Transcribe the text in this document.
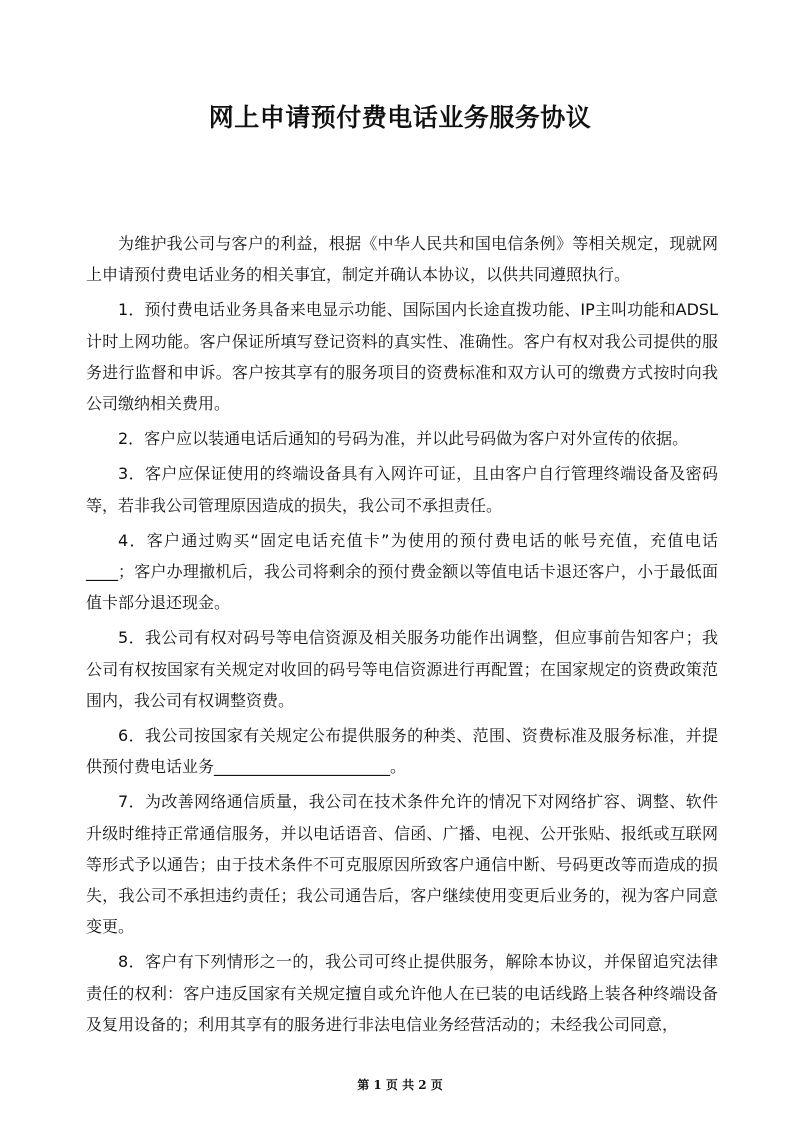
网上申请预付费电话业务服务协议

为维护我公司与客户的利益，根据《中华人民共和国电信条例》等相关规定，现就网上申请预付费电话业务的相关事宜，制定并确认本协议，以供共同遵照执行。

1．预付费电话业务具备来电显示功能、国际国内长途直拨功能、IP主叫功能和ADSL计时上网功能。客户保证所填写登记资料的真实性、准确性。客户有权对我公司提供的服务进行监督和申诉。客户按其享有的服务项目的资费标准和双方认可的缴费方式按时向我公司缴纳相关费用。

2．客户应以装通电话后通知的号码为准，并以此号码做为客户对外宣传的依据。

3．客户应保证使用的终端设备具有入网许可证，且由客户自行管理终端设备及密码等，若非我公司管理原因造成的损失，我公司不承担责任。

4．客户通过购买“固定电话充值卡”为使用的预付费电话的帐号充值，充值电话____；客户办理撤机后，我公司将剩余的预付费金额以等值电话卡退还客户，小于最低面值卡部分退还现金。

5．我公司有权对码号等电信资源及相关服务功能作出调整，但应事前告知客户；我公司有权按国家有关规定对收回的码号等电信资源进行再配置；在国家规定的资费政策范围内，我公司有权调整资费。

6．我公司按国家有关规定公布提供服务的种类、范围、资费标准及服务标准，并提供预付费电话业务______________________。

7．为改善网络通信质量，我公司在技术条件允许的情况下对网络扩容、调整、软件升级时维持正常通信服务，并以电话语音、信函、广播、电视、公开张贴、报纸或互联网等形式予以通告；由于技术条件不可克服原因所致客户通信中断、号码更改等而造成的损失，我公司不承担违约责任；我公司通告后，客户继续使用变更后业务的，视为客户同意变更。

8．客户有下列情形之一的，我公司可终止提供服务，解除本协议，并保留追究法律责任的权利：客户违反国家有关规定擅自或允许他人在已装的电话线路上装各种终端设备及复用设备的；利用其享有的服务进行非法电信业务经营活动的；未经我公司同意，

第 1 页 共 2 页
